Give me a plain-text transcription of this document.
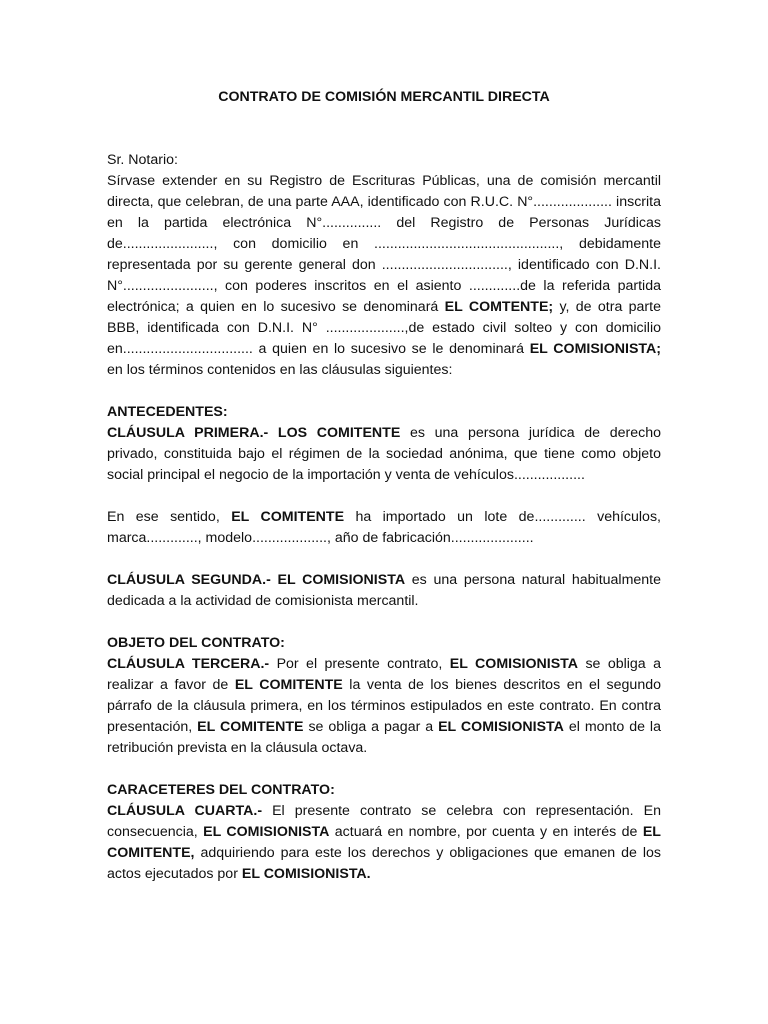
CONTRATO DE COMISIÓN MERCANTIL DIRECTA

Sr. Notario:

Sírvase extender en su Registro de Escrituras Públicas, una de comisión mercantil directa, que celebran, de una parte AAA, identificado con R.U.C. N°.................... inscrita en la partida electrónica N°............... del Registro de Personas Jurídicas de......................., con domicilio en ..............................................., debidamente representada por su gerente general don ................................, identificado con D.N.I. N°......................., con poderes inscritos en el asiento .............de la referida partida electrónica; a quien en lo sucesivo se denominará EL COMTENTE; y, de otra parte BBB, identificada con D.N.I. N° ....................,de estado civil solteo y con domicilio en................................. a quien en lo sucesivo se le denominará EL COMISIONISTA; en los términos contenidos en las cláusulas siguientes:

ANTECEDENTES:

CLÁUSULA PRIMERA.- LOS COMITENTE es una persona jurídica de derecho privado, constituida bajo el régimen de la sociedad anónima, que tiene como objeto social principal el negocio de la importación y venta de vehículos..................

En ese sentido, EL COMITENTE ha importado un lote de............. vehículos, marca............., modelo..................., año de fabricación.....................

CLÁUSULA SEGUNDA.- EL COMISIONISTA es una persona natural habitualmente dedicada a la actividad de comisionista mercantil.

OBJETO DEL CONTRATO:

CLÁUSULA TERCERA.- Por el presente contrato, EL COMISIONISTA se obliga a realizar a favor de EL COMITENTE la venta de los bienes descritos en el segundo párrafo de la cláusula primera, en los términos estipulados en este contrato. En contra presentación, EL COMITENTE se obliga a pagar a EL COMISIONISTA el monto de la retribución prevista en la cláusula octava.

CARACETERES DEL CONTRATO:

CLÁUSULA CUARTA.- El presente contrato se celebra con representación. En consecuencia, EL COMISIONISTA actuará en nombre, por cuenta y en interés de EL COMITENTE, adquiriendo para este los derechos y obligaciones que emanen de los actos ejecutados por EL COMISIONISTA.
